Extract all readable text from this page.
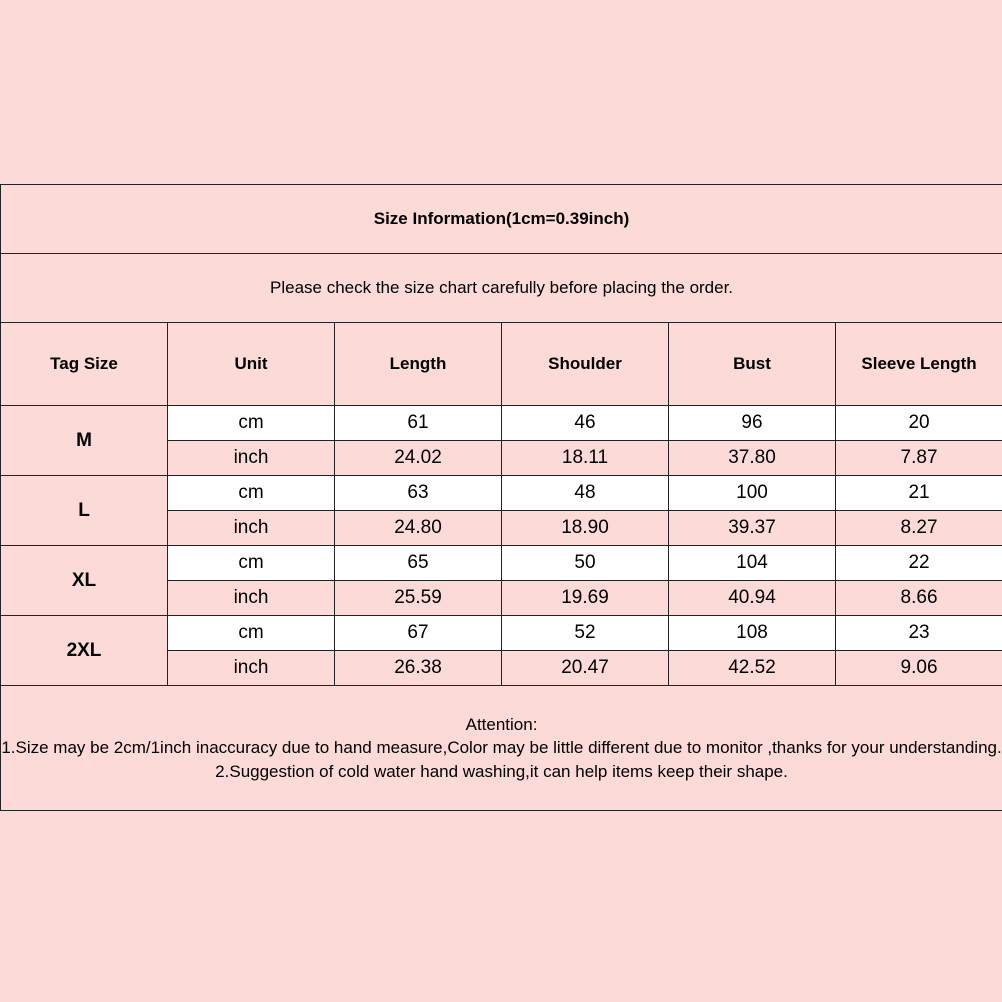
Size Information(1cm=0.39inch)					
Please check the size chart carefully before placing the order.					
Tag Size	Unit	Length	Shoulder	Bust	Sleeve Length
M	cm	61	46	96	20
	inch	24.02	18.11	37.80	7.87
L	cm	63	48	100	21
	inch	24.80	18.90	39.37	8.27
XL	cm	65	50	104	22
	inch	25.59	19.69	40.94	8.66
2XL	cm	67	52	108	23
	inch	26.38	20.47	42.52	9.06

Attention:

1.Size may be 2cm/1inch inaccuracy due to hand measure,Color may be little different due to monitor ,thanks for your understanding.

2.Suggestion of cold water hand washing,it can help items keep their shape.					
